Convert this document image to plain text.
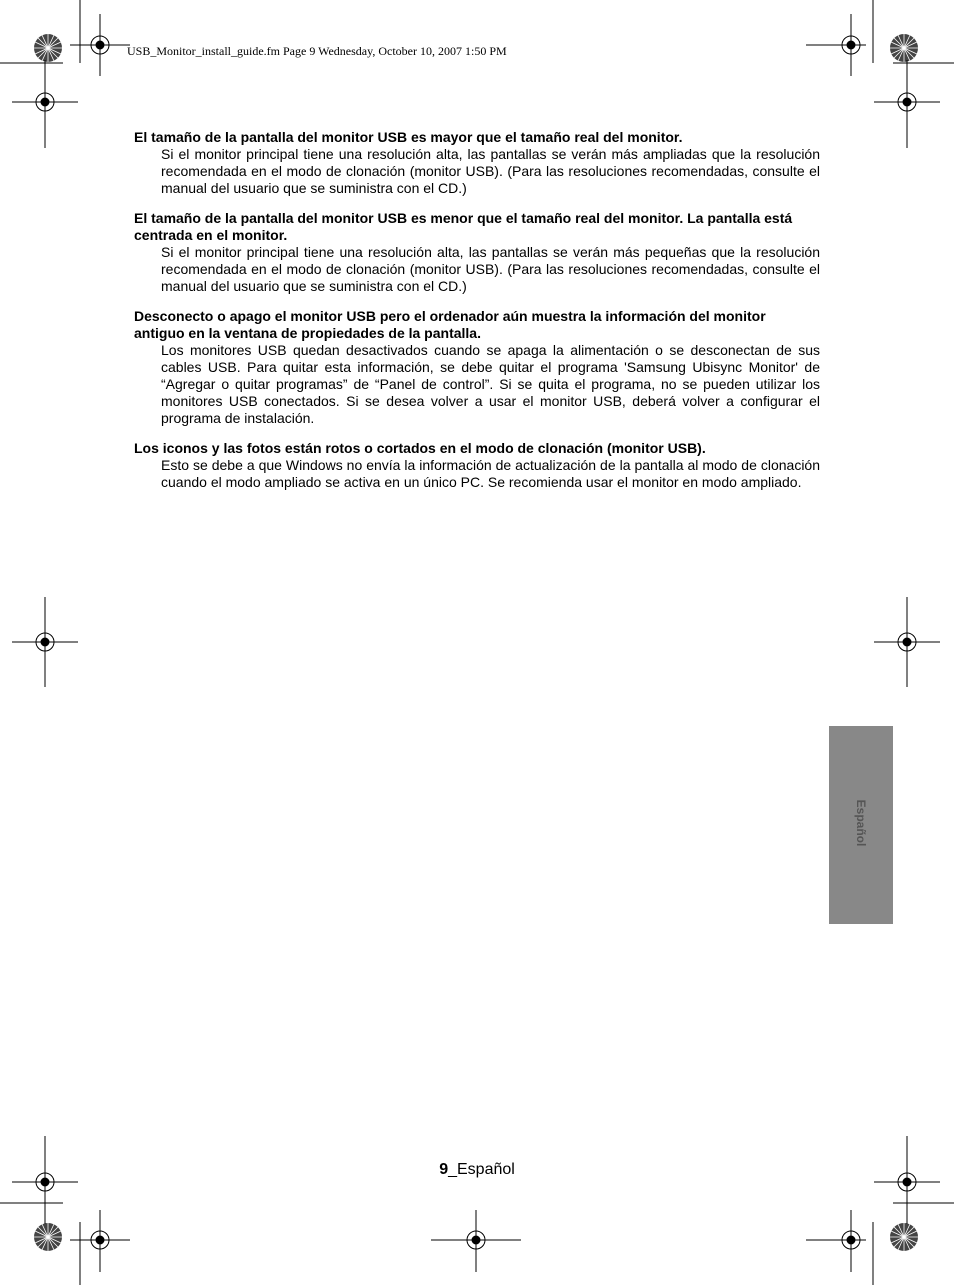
USB_Monitor_install_guide.fm Page 9 Wednesday, October 10, 2007 1:50 PM

El tamaño de la pantalla del monitor USB es mayor que el tamaño real del monitor.

Si el monitor principal tiene una resolución alta, las pantallas se verán más ampliadas que la resolución recomendada en el modo de clonación (monitor USB). (Para las resoluciones recomendadas, consulte el manual del usuario que se suministra con el CD.)

El tamaño de la pantalla del monitor USB es menor que el tamaño real del monitor. La pantalla está centrada en el monitor.

Si el monitor principal tiene una resolución alta, las pantallas se verán más pequeñas que la resolución recomendada en el modo de clonación (monitor USB). (Para las resoluciones recomendadas, consulte el manual del usuario que se suministra con el CD.)

Desconecto o apago el monitor USB pero el ordenador aún muestra la información del monitor antiguo en la ventana de propiedades de la pantalla.

Los monitores USB quedan desactivados cuando se apaga la alimentación o se desconectan de sus cables USB. Para quitar esta información, se debe quitar el programa 'Samsung Ubisync Monitor' de “Agregar o quitar programas” de “Panel de control”. Si se quita el programa, no se pueden utilizar los monitores USB conectados. Si se desea volver a usar el monitor USB, deberá volver a configurar el programa de instalación.

Los iconos y las fotos están rotos o cortados en el modo de clonación (monitor USB).

Esto se debe a que Windows no envía la información de actualización de la pantalla al modo de clonación cuando el modo ampliado se activa en un único PC. Se recomienda usar el monitor en modo ampliado.

Español
9_Español
